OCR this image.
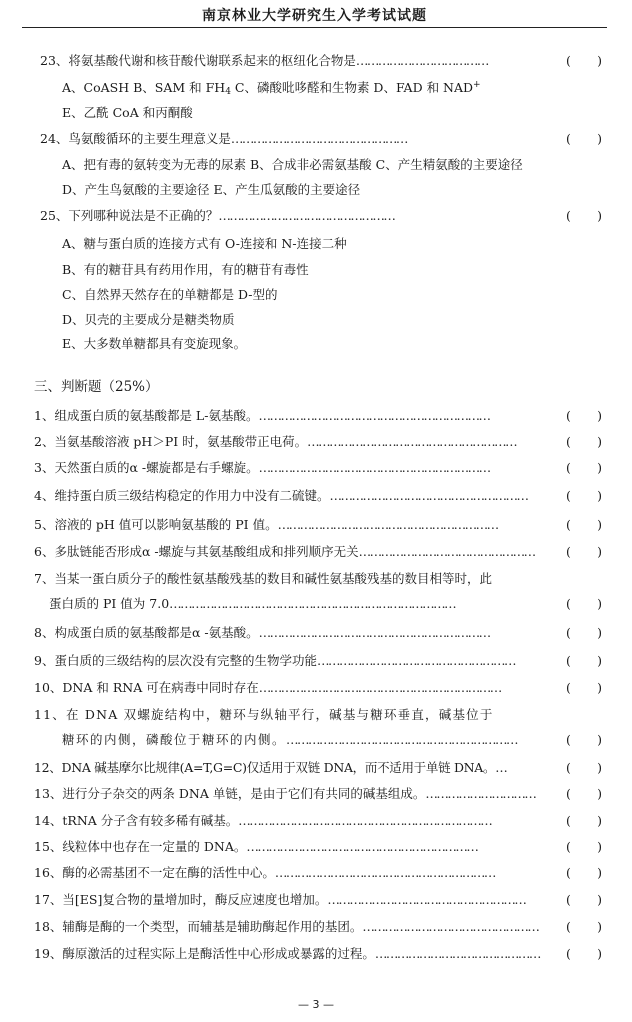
南京林业大学研究生入学考试试题
23、将氨基酸代谢和核苷酸代谢联系起来的枢纽化合物是………………………………	( )
A、CoASH B、SAM 和 $FH_4$ C、磷酸吡哆醛和生物素 D、FAD 和 NAD+
E、乙酰 CoA 和丙酮酸
24、鸟氨酸循环的主要生理意义是…………………………………………	( )
A、把有毒的氨转变为无毒的尿素 B、合成非必需氨基酸 C、产生精氨酸的主要途径
D、产生鸟氨酸的主要途径 E、产生瓜氨酸的主要途径
25、下列哪种说法是不正确的？…………………………………………	( )
A、糖与蛋白质的连接方式有 O-连接和 N-连接二种
B、有的糖苷具有药用作用，有的糖苷有毒性
C、自然界天然存在的单糖都是 D-型的
D、贝壳的主要成分是糖类物质
E、大多数单糖都具有变旋现象。
三、判断题（25%）
1、组成蛋白质的氨基酸都是 L-氨基酸。………………………………………………………	( )
2、当氨基酸溶液 pH＞PI 时，氨基酸带正电荷。…………………………………………………	( )
3、天然蛋白质的α -螺旋都是右手螺旋。………………………………………………………	( )
4、维持蛋白质三级结构稳定的作用力中没有二硫键。………………………………………………	( )
5、溶液的 pH 值可以影响氨基酸的 PI 值。……………………………………………………	( )
6、多肽链能否形成α -螺旋与其氨基酸组成和排列顺序无关…………………………………………	( )
7、当某一蛋白质分子的酸性氨基酸残基的数目和碱性氨基酸残基的数目相等时，此
蛋白质的 PI 值为 7.0……………………………………………………………………	( )
8、构成蛋白质的氨基酸都是α -氨基酸。………………………………………………………	( )
9、蛋白质的三级结构的层次没有完整的生物学功能………………………………………………	( )
10、DNA 和 RNA 可在病毒中同时存在…………………………………………………………	( )
11、在 DNA 双螺旋结构中，糖环与纵轴平行，碱基与糖环垂直，碱基位于
糖环的内侧，磷酸位于糖环的内侧。………………………………………………………	( )
12、DNA 碱基摩尔比规律(A=T,G=C)仅适用于双链 DNA，而不适用于单链 DNA。…	( )
13、进行分子杂交的两条 DNA 单链，是由于它们有共同的碱基组成。………………………… ( )
14、tRNA 分子含有较多稀有碱基。……………………………………………………………	( )
15、线粒体中也存在一定量的 DNA。………………………………………………………	( )
16、酶的必需基团不一定在酶的活性中心。……………………………………………………	( )
17、当[ES]复合物的量增加时，酶反应速度也增加。………………………………………………	( )
18、辅酶是酶的一个类型，而辅基是辅助酶起作用的基团。………………………………………… ( )
19、酶原激活的过程实际上是酶活性中心形成或暴露的过程。……………………………………… ( )
— 3 —
